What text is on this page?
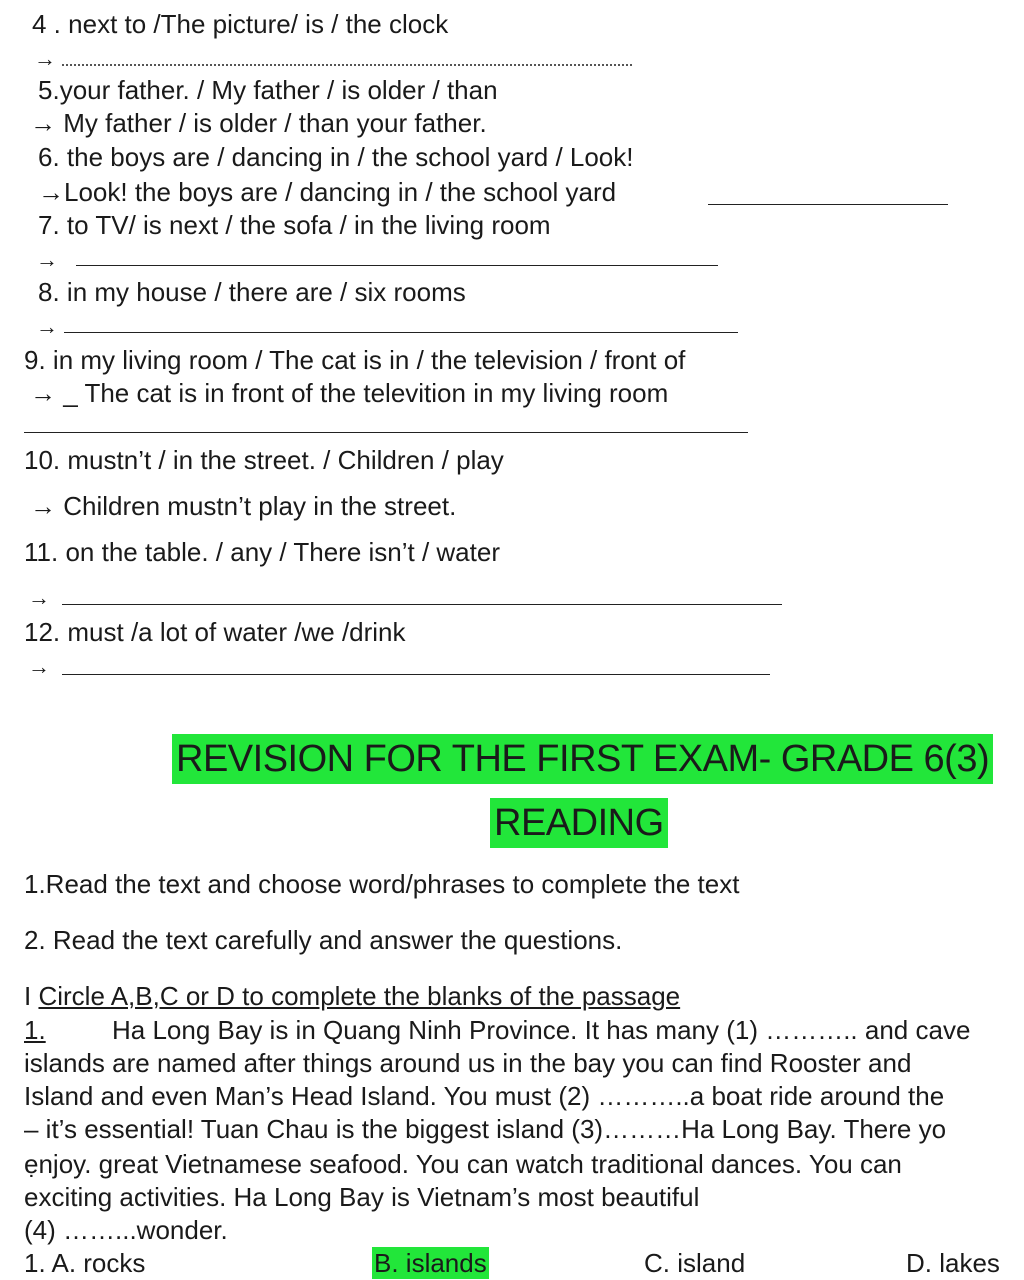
4 . next to /The picture/ is / the clock
→
5.your father. / My father / is older / than
→ My father / is older / than your father.
6. the boys are / dancing in / the school yard / Look!
→Look! the boys are / dancing in / the school yard
7. to TV/ is next / the sofa / in the living room
→
8. in my house / there are / six rooms
→
9. in my living room / The cat is in / the television / front of
→ _ The cat is in front of the televition in my living room
10. mustn’t / in the street. / Children / play
→ Children mustn’t play in the street.
11. on the table. / any / There isn’t / water
→
12. must /a lot of water /we /drink
→
REVISION FOR THE FIRST EXAM- GRADE 6(3)
READING
1.Read the text and choose word/phrases to complete the text
2. Read the text carefully and answer the questions.
I Circle A,B,C or D to complete the blanks of the passage
1.	Ha Long Bay is in Quang Ninh Province. It has many (1) ……….. and cave
islands are named after things around us in the bay you can find Rooster and
Island and even Man’s Head Island. You must (2) ………..a boat ride around the
– it’s essential! Tuan Chau is the biggest island (3)………Ha Long Bay. There yo
ẹnjoy. great Vietnamese seafood. You can watch traditional dances. You can
exciting activities. Ha Long Bay is Vietnam’s most beautiful
(4) ……...wonder.
1. A. rocks	B. islands	C. island	D. lakes
